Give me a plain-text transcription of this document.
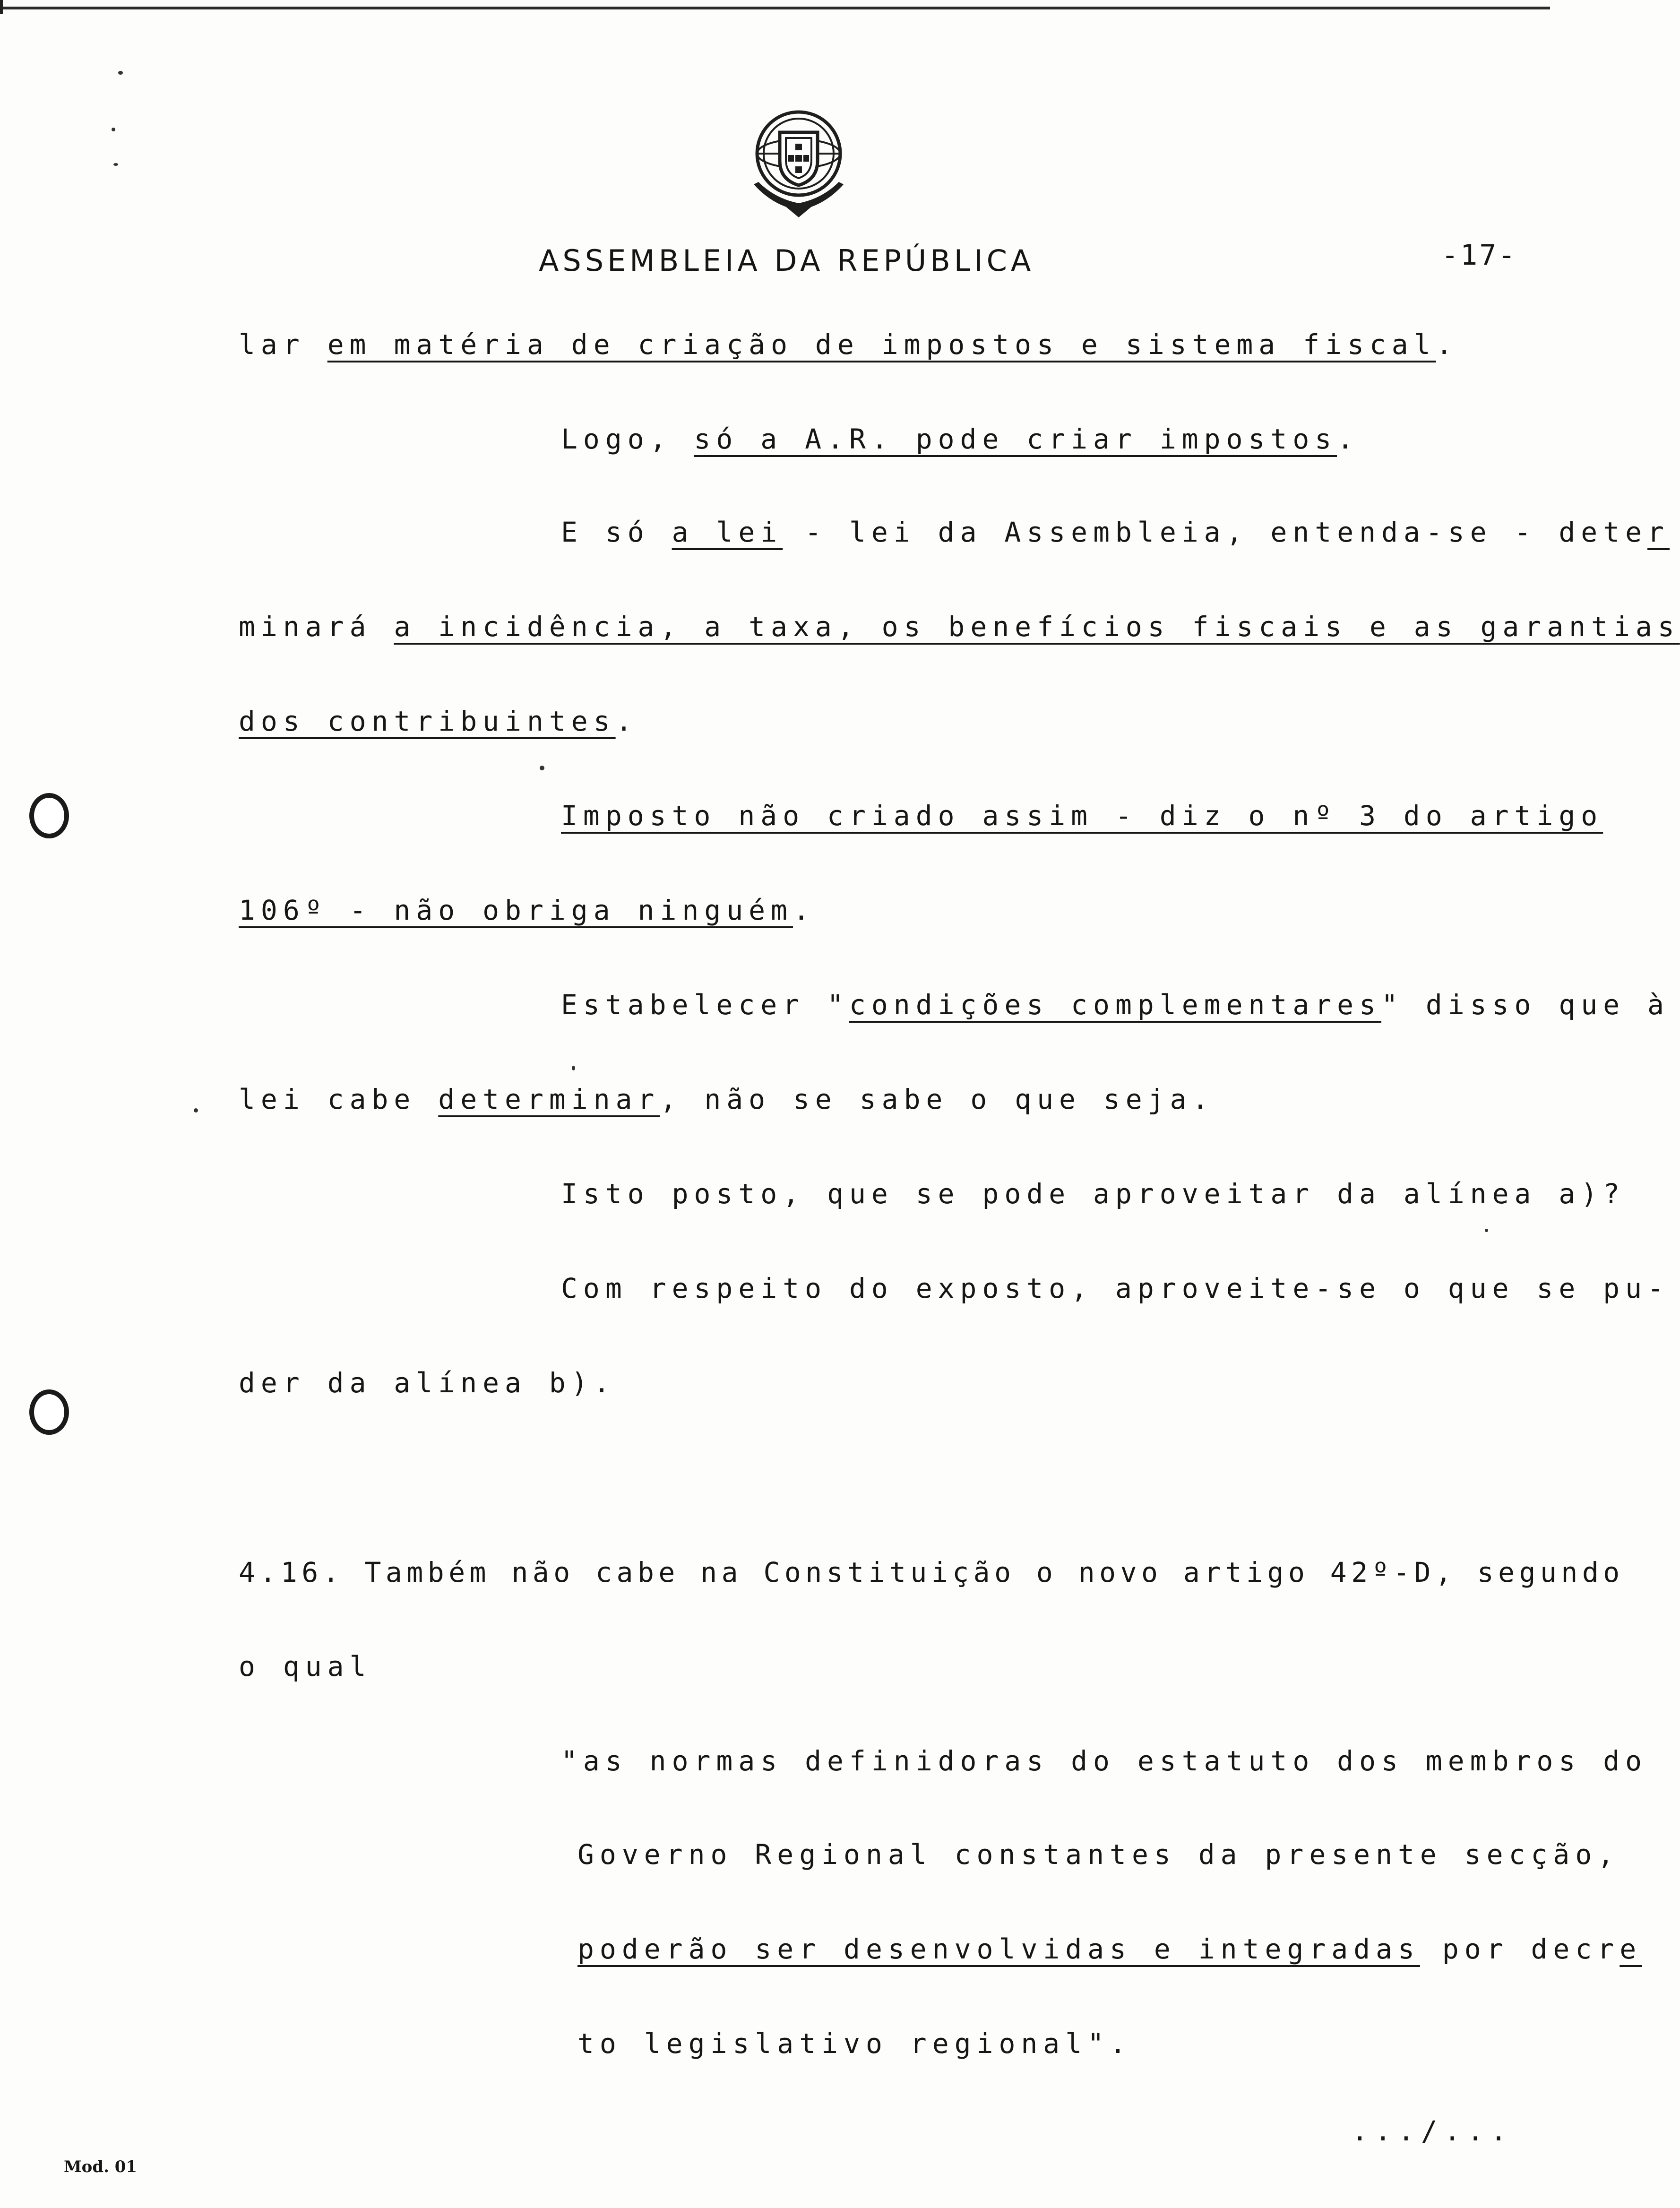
ASSEMBLEIA DA REPÚBLICA	-17-
lar em matéria de criação de impostos e sistema fiscal.
Logo, só a A.R. pode criar impostos.
E só a lei - lei da Assembleia, entenda-se - deter
minará a incidência, a taxa, os benefícios fiscais e as garantias
dos contribuintes.
Imposto não criado assim - diz o nº 3 do artigo
106º - não obriga ninguém.
Estabelecer "condições complementares" disso que à
lei cabe determinar, não se sabe o que seja.
Isto posto, que se pode aproveitar da alínea a)?
Com respeito do exposto, aproveite-se o que se pu-
der da alínea b).
4.16. Também não cabe na Constituição o novo artigo 42º-D, segundo
o qual
"as normas definidoras do estatuto dos membros do
Governo Regional constantes da presente secção,
poderão ser desenvolvidas e integradas por decre
to legislativo regional".
.../...
Mod. 01
